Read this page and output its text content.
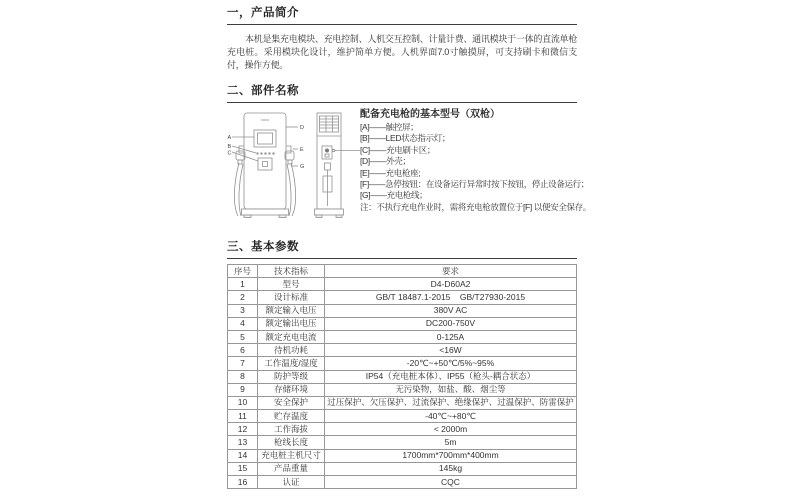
一，产品简介

本机是集充电模块、充电控制、人机交互控制、计量计费、通讯模块于一体的直流单枪充电桩。采用模块化设计，维护简单方便。人机界面7.0寸触摸屏，可支持刷卡和微信支付，操作方便。

二、部件名称
A
B
C
D
E
G
配备充电枪的基本型号（双枪）
[A]——触控屏；
[B]——LED状态指示灯；
[C]——充电刷卡区；
[D]——外壳；
[E]——充电枪座;
[F]——急停按钮：在设备运行异常时按下按钮，停止设备运行；
[G]——充电枪线；
注：不执行充电作业时，需将充电枪放置位于[F] 以便安全保存。
三、基本参数
序号	技术指标	要求
1	型号	D4-D60A2
2	设计标准	GB/T 18487.1-2015    GB/T27930-2015
3	额定输入电压	380V AC
4	额定输出电压	DC200-750V
5	额定充电电流	0-125A
6	待机功耗	<16W
7	工作温度/湿度	-20℃~+50℃/5%~95%
8	防护等级	IP54（充电桩本体）、IP55（枪头-耦合状态）
9	存储环境	无污染物，如盐、酸、烟尘等
10	安全保护	过压保护、欠压保护、过流保护、绝缘保护、过温保护、防雷保护
11	贮存温度	-40℃~+80℃
12	工作海拔	< 2000m
13	枪线长度	5m
14	充电桩主机尺寸	1700mm*700mm*400mm
15	产品重量	145kg
16	认证	CQC
